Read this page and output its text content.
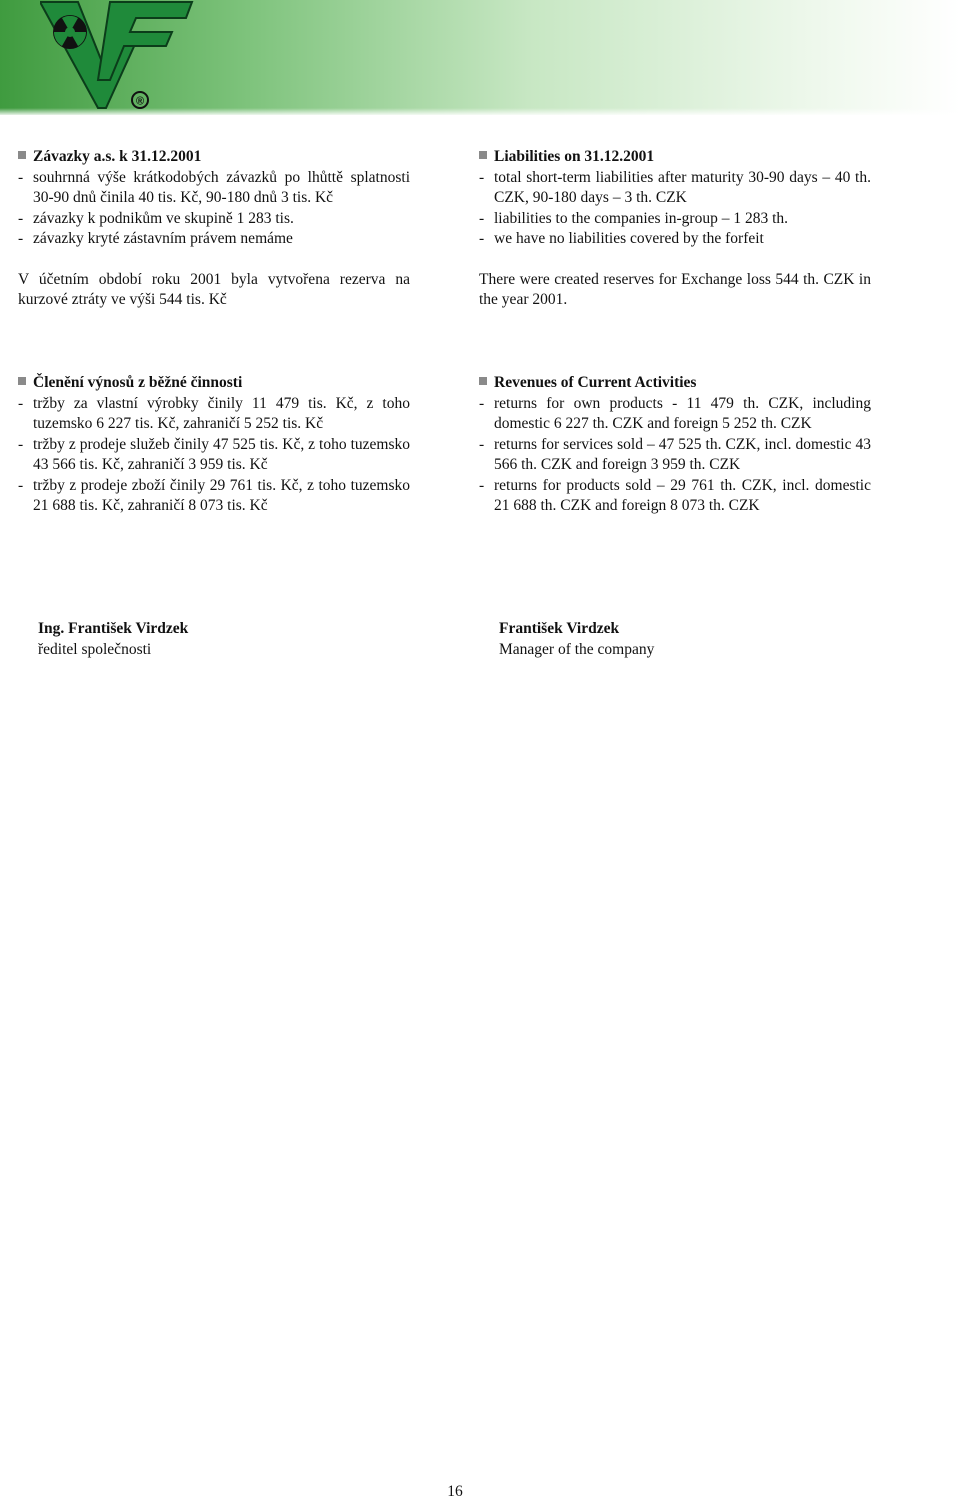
®
Závazky a.s. k 31.12.2001
- souhrnná výše krátkodobých závazků po lhůttě splatnosti 30-90 dnů činila 40 tis. Kč, 90-180 dnů 3 tis. Kč
- závazky k podnikům ve skupině 1 283 tis.
- závazky kryté zástavním právem nemáme
V účetním období roku 2001 byla vytvořena rezerva na kurzové ztráty ve výši 544 tis. Kč
Liabilities on 31.12.2001
- total short-term liabilities after maturity 30-90 days – 40 th. CZK, 90-180 days – 3 th. CZK
- liabilities to the companies in-group – 1 283 th.
- we have no liabilities covered by the forfeit
There were created reserves for Exchange loss 544 th. CZK in the year 2001.
Členění výnosů z běžné činnosti
- tržby za vlastní výrobky činily 11 479 tis. Kč, z toho tuzemsko 6 227 tis. Kč, zahraničí 5 252 tis. Kč
- tržby z prodeje služeb činily 47 525 tis. Kč, z toho tuzemsko 43 566 tis. Kč, zahraničí 3 959 tis. Kč
- tržby z prodeje zboží činily 29 761 tis. Kč, z toho tuzemsko 21 688 tis. Kč, zahraničí 8 073 tis. Kč
Revenues of Current Activities
- returns for own products - 11 479 th. CZK, including domestic 6 227 th. CZK and foreign 5 252 th. CZK
- returns for services sold – 47 525 th. CZK, incl. domestic 43 566 th. CZK and foreign 3 959 th. CZK
- returns for products sold – 29 761 th. CZK, incl. domestic 21 688 th. CZK and foreign 8 073 th. CZK
Ing. František Virdzek
ředitel společnosti
František Virdzek
Manager of the company
16
